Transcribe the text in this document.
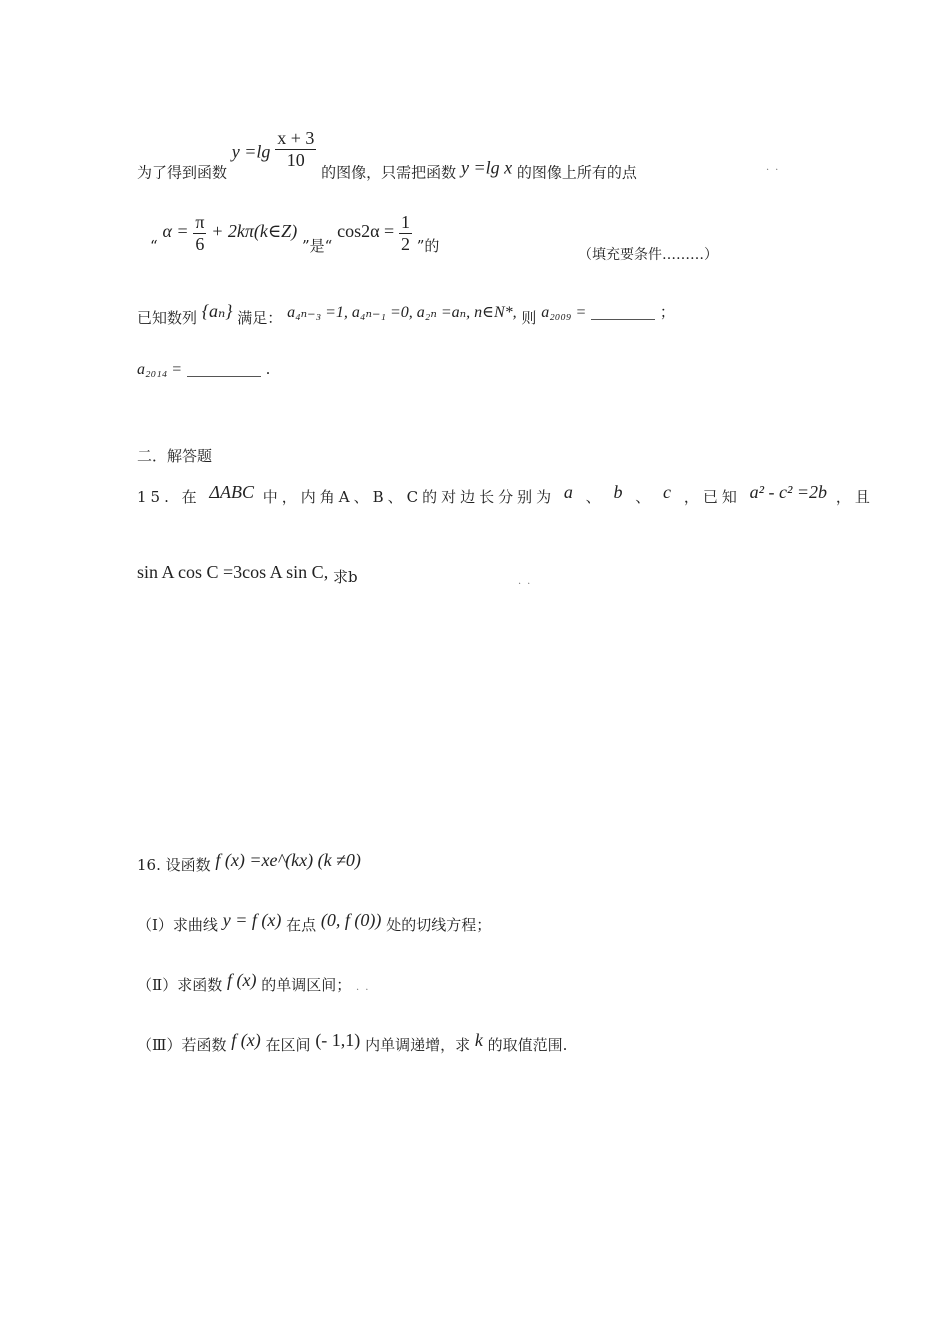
为了得到函数 $y =\lg \frac{x + 3}{10}$
的图像，只需把函数 y =lg x 的图像上所有的点	..
“ $\alpha = \frac{\pi}{6}$ + 2kπ(k∈Z) ”是“ $\cos 2\alpha = \frac{1}{2}$ ”的	（填充要条件………）
已知数列 {aₙ} 满足： a₄ₙ₋₃ =1, a₄ₙ₋₁ =0, a₂ₙ =aₙ, n∈N*, 则 a₂₀₀₉ =	；
a₂₀₁₄ =	.
二．解答题
15. 在 ΔABC 中，内角A、B、C的对边长分别为 a 、 b 、 c ，已知 a² - c² =2b ，且
sin A cos C =3cos A sin C, 求b	..
16. 设函数 f (x) =xe^(kx) (k ≠0)
（Ⅰ）求曲线 y = f (x) 在点 (0, f (0)) 处的切线方程；
（Ⅱ）求函数 f (x) 的单调区间； $_{..}$
（Ⅲ）若函数 f (x) 在区间 (- 1,1) 内单调递增，求 k 的取值范围.
